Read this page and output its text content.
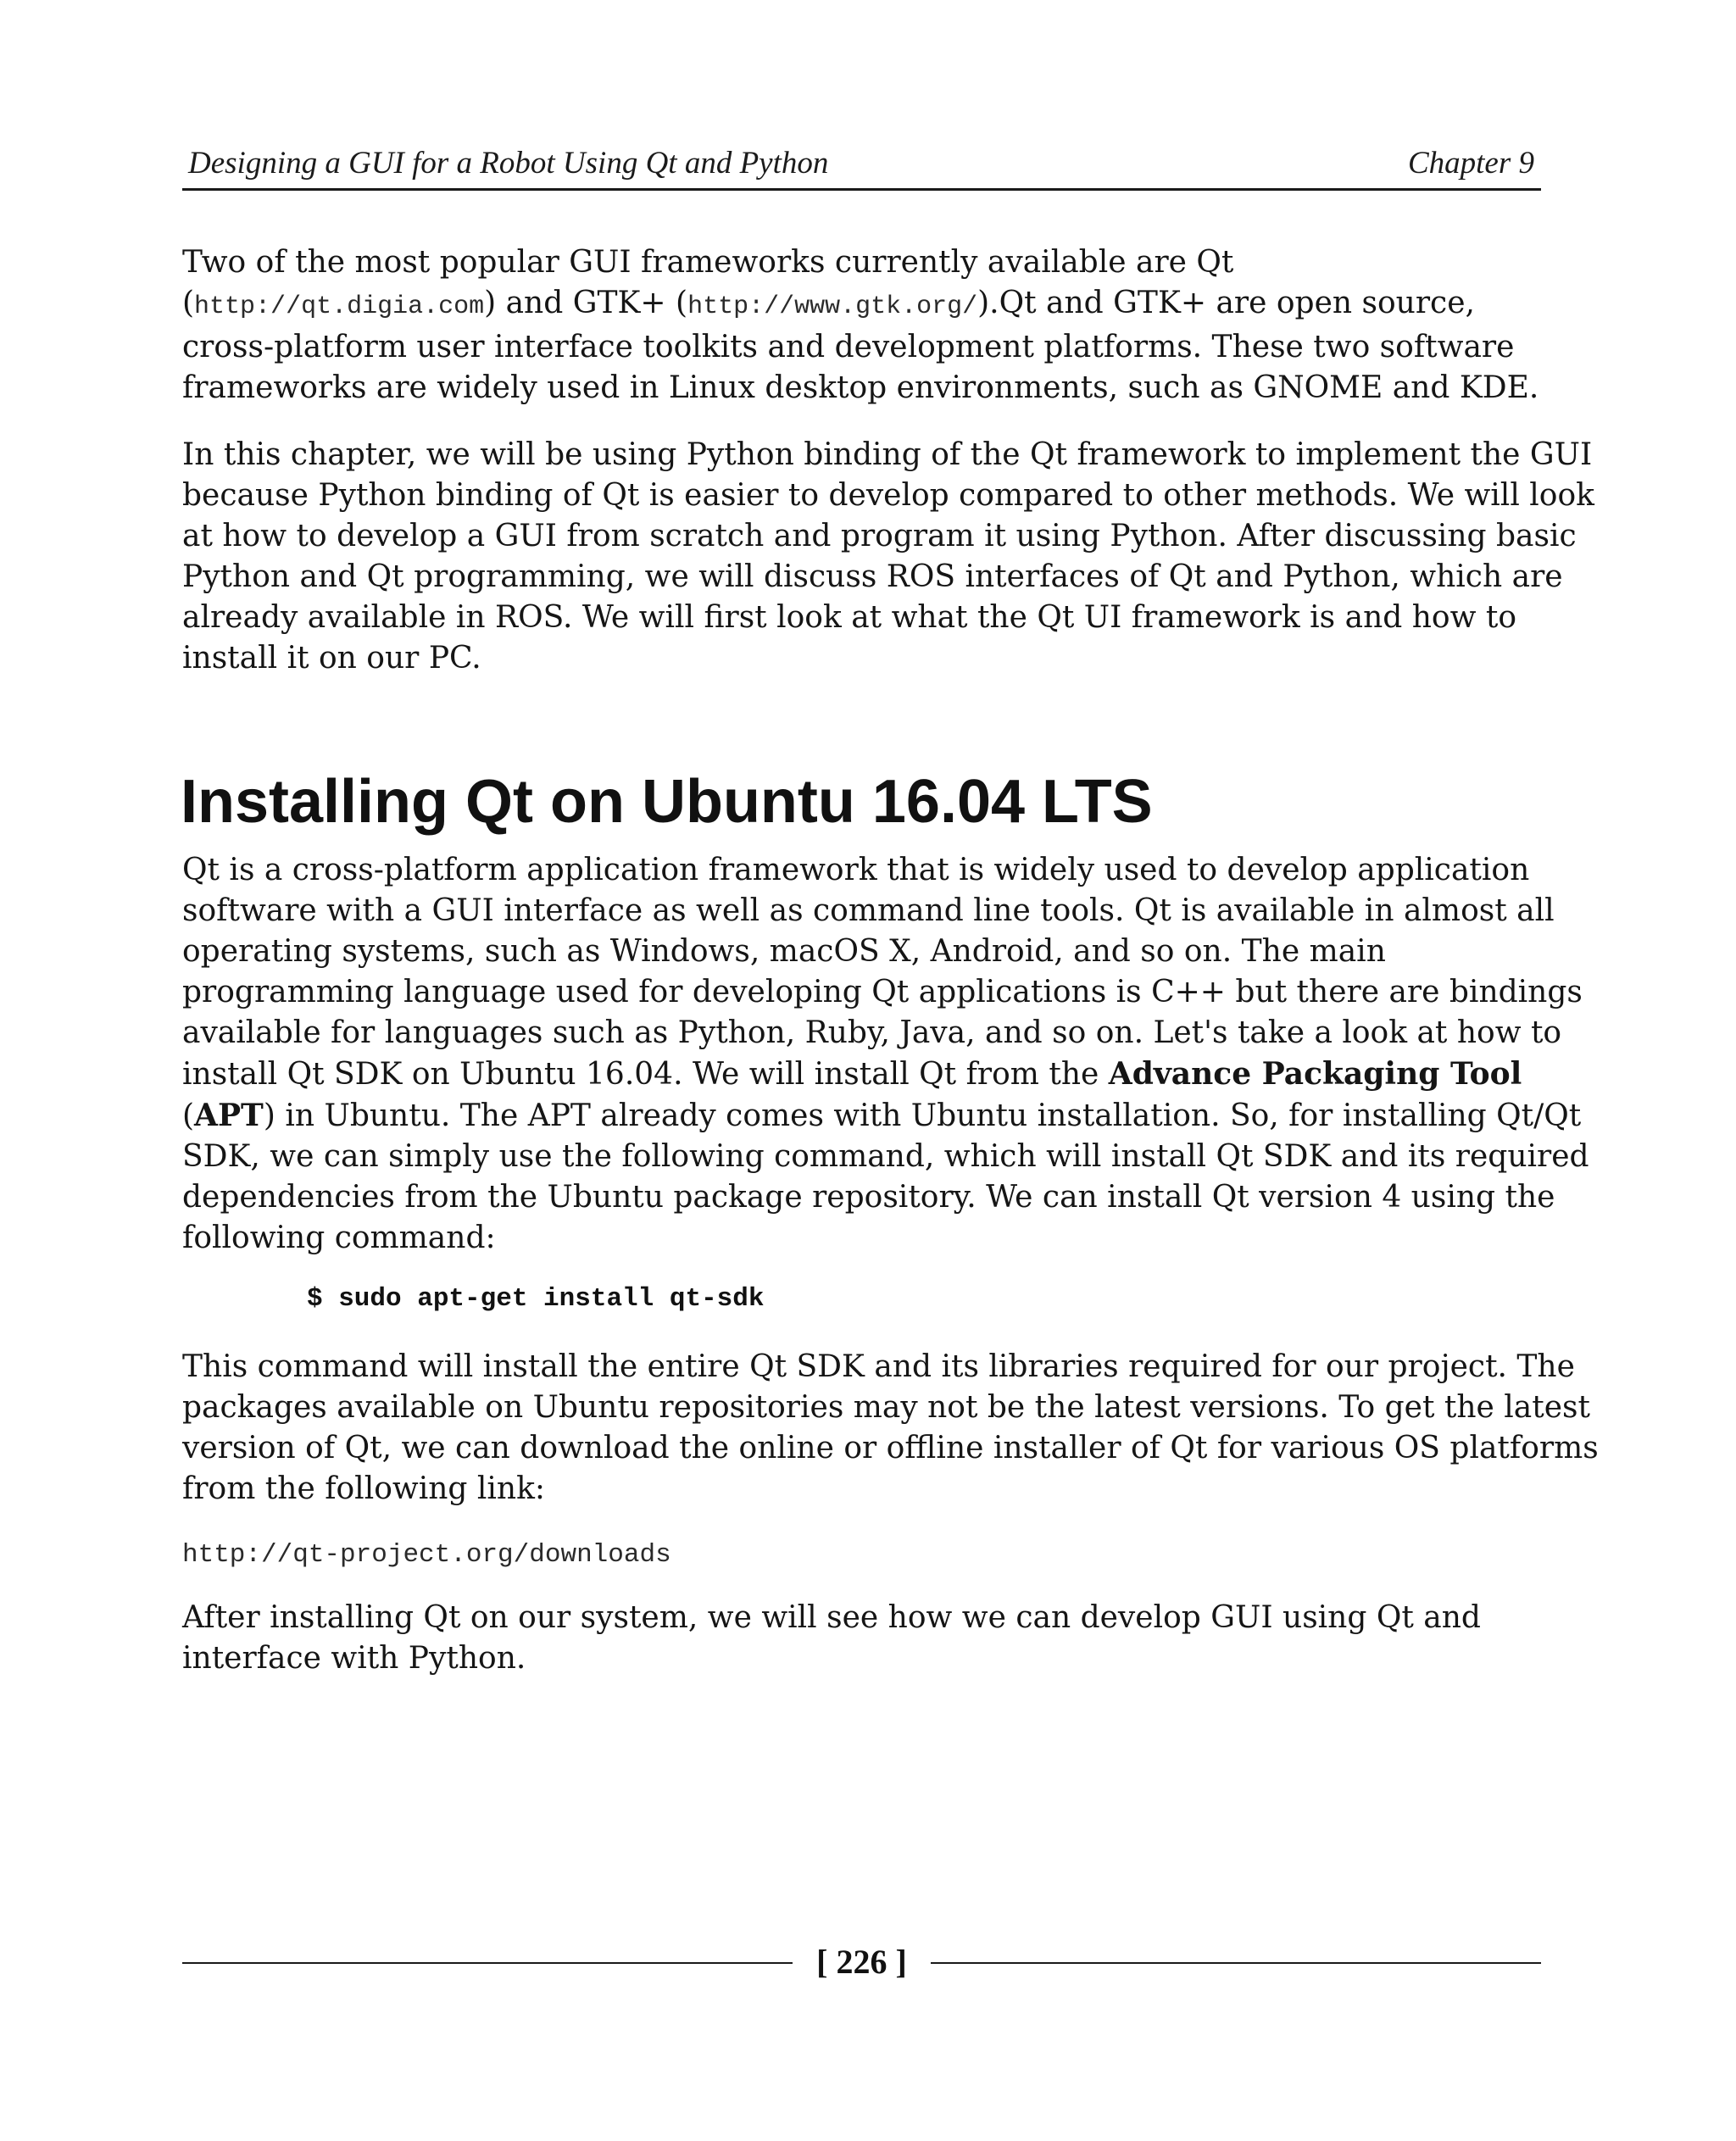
Designing a GUI for a Robot Using Qt and Python	Chapter 9

Two of the most popular GUI frameworks currently available are Qt
(http://qt.digia.com) and GTK+ (http://www.gtk.org/).Qt and GTK+ are open source,
cross-platform user interface toolkits and development platforms. These two software
frameworks are widely used in Linux desktop environments, such as GNOME and KDE.

In this chapter, we will be using Python binding of the Qt framework to implement the GUI
because Python binding of Qt is easier to develop compared to other methods. We will look
at how to develop a GUI from scratch and program it using Python. After discussing basic
Python and Qt programming, we will discuss ROS interfaces of Qt and Python, which are
already available in ROS. We will first look at what the Qt UI framework is and how to
install it on our PC.

Installing Qt on Ubuntu 16.04 LTS

Qt is a cross-platform application framework that is widely used to develop application
software with a GUI interface as well as command line tools. Qt is available in almost all
operating systems, such as Windows, macOS X, Android, and so on. The main
programming language used for developing Qt applications is C++ but there are bindings
available for languages such as Python, Ruby, Java, and so on. Let's take a look at how to
install Qt SDK on Ubuntu 16.04. We will install Qt from the Advance Packaging Tool
(APT) in Ubuntu. The APT already comes with Ubuntu installation. So, for installing Qt/Qt
SDK, we can simply use the following command, which will install Qt SDK and its required
dependencies from the Ubuntu package repository. We can install Qt version 4 using the
following command:

$ sudo apt-get install qt-sdk

This command will install the entire Qt SDK and its libraries required for our project. The
packages available on Ubuntu repositories may not be the latest versions. To get the latest
version of Qt, we can download the online or offline installer of Qt for various OS platforms
from the following link:

http://qt-project.org/downloads

After installing Qt on our system, we will see how we can develop GUI using Qt and
interface with Python.

[ 226 ]
